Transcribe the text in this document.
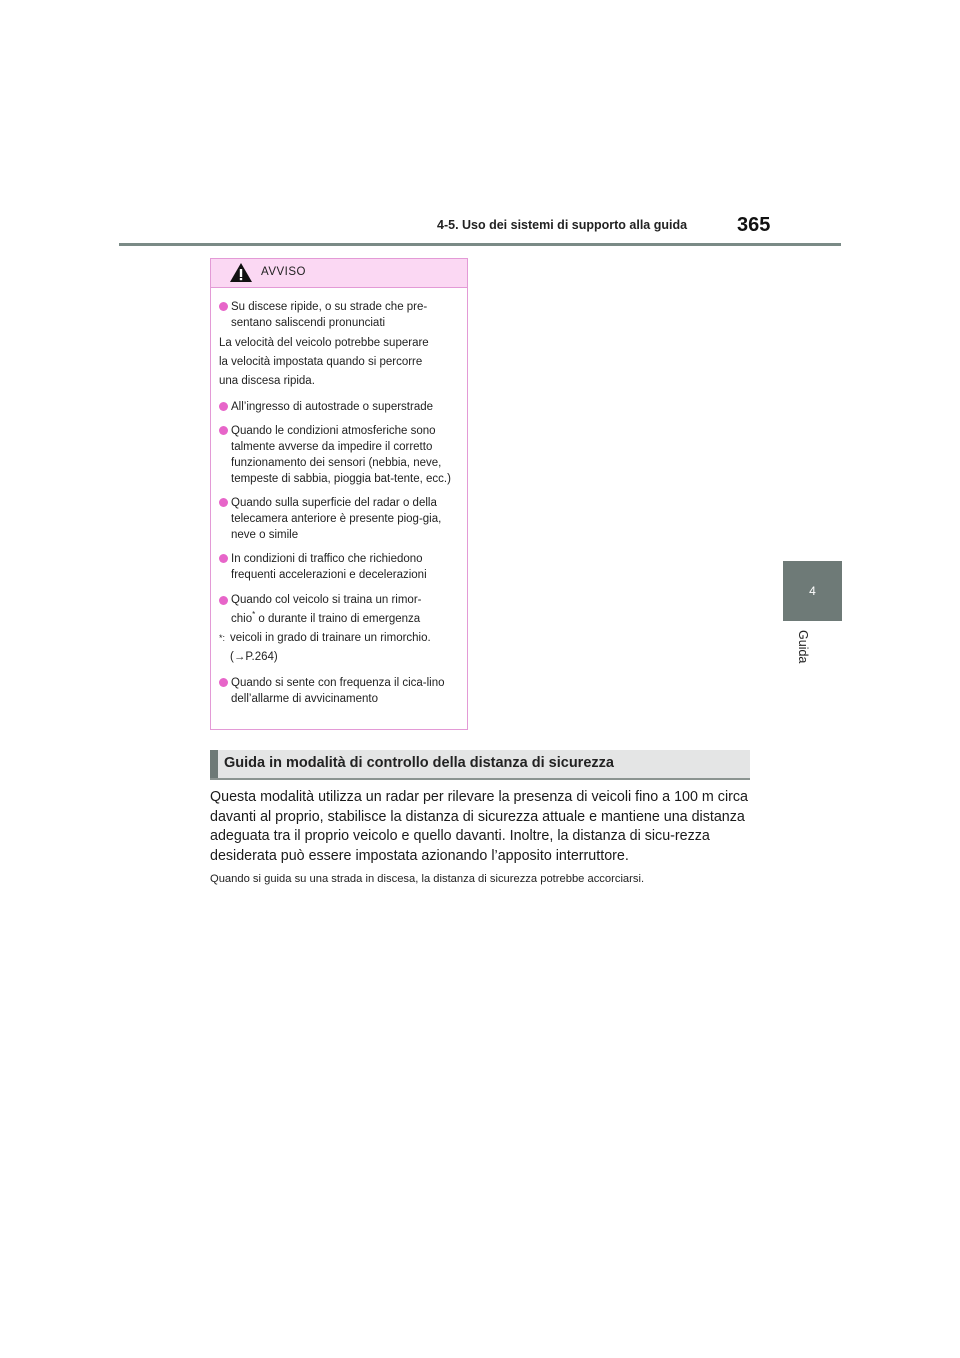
4-5. Uso dei sistemi di supporto alla guida 365
4
Guida
AVVISO
Su discese ripide, o su strade che pre-sentano saliscendi pronunciati

La velocità del veicolo potrebbe superare

la velocità impostata quando si percorre

una discesa ripida.

All’ingresso di autostrade o superstrade
Quando le condizioni atmosferiche sono talmente avverse da impedire il corretto funzionamento dei sensori (nebbia, neve, tempeste di sabbia, pioggia bat-tente, ecc.)
Quando sulla superficie del radar o della telecamera anteriore è presente piog-gia, neve o simile
In condizioni di traffico che richiedono frequenti accelerazioni e decelerazioni
Quando col veicolo si traina un rimor-
chio* o durante il traino di emergenza
*: veicoli in grado di trainare un rimorchio.
(→P.264)
Quando si sente con frequenza il cica-lino dell’allarme di avvicinamento
Guida in modalità di controllo della distanza di sicurezza

Questa modalità utilizza un radar per rilevare la presenza di veicoli fino a 100 m circa davanti al proprio, stabilisce la distanza di sicurezza attuale e mantiene una distanza adeguata tra il proprio veicolo e quello davanti. Inoltre, la distanza di sicu-rezza desiderata può essere impostata azionando l’apposito interruttore.

Quando si guida su una strada in discesa, la distanza di sicurezza potrebbe accorciarsi.
